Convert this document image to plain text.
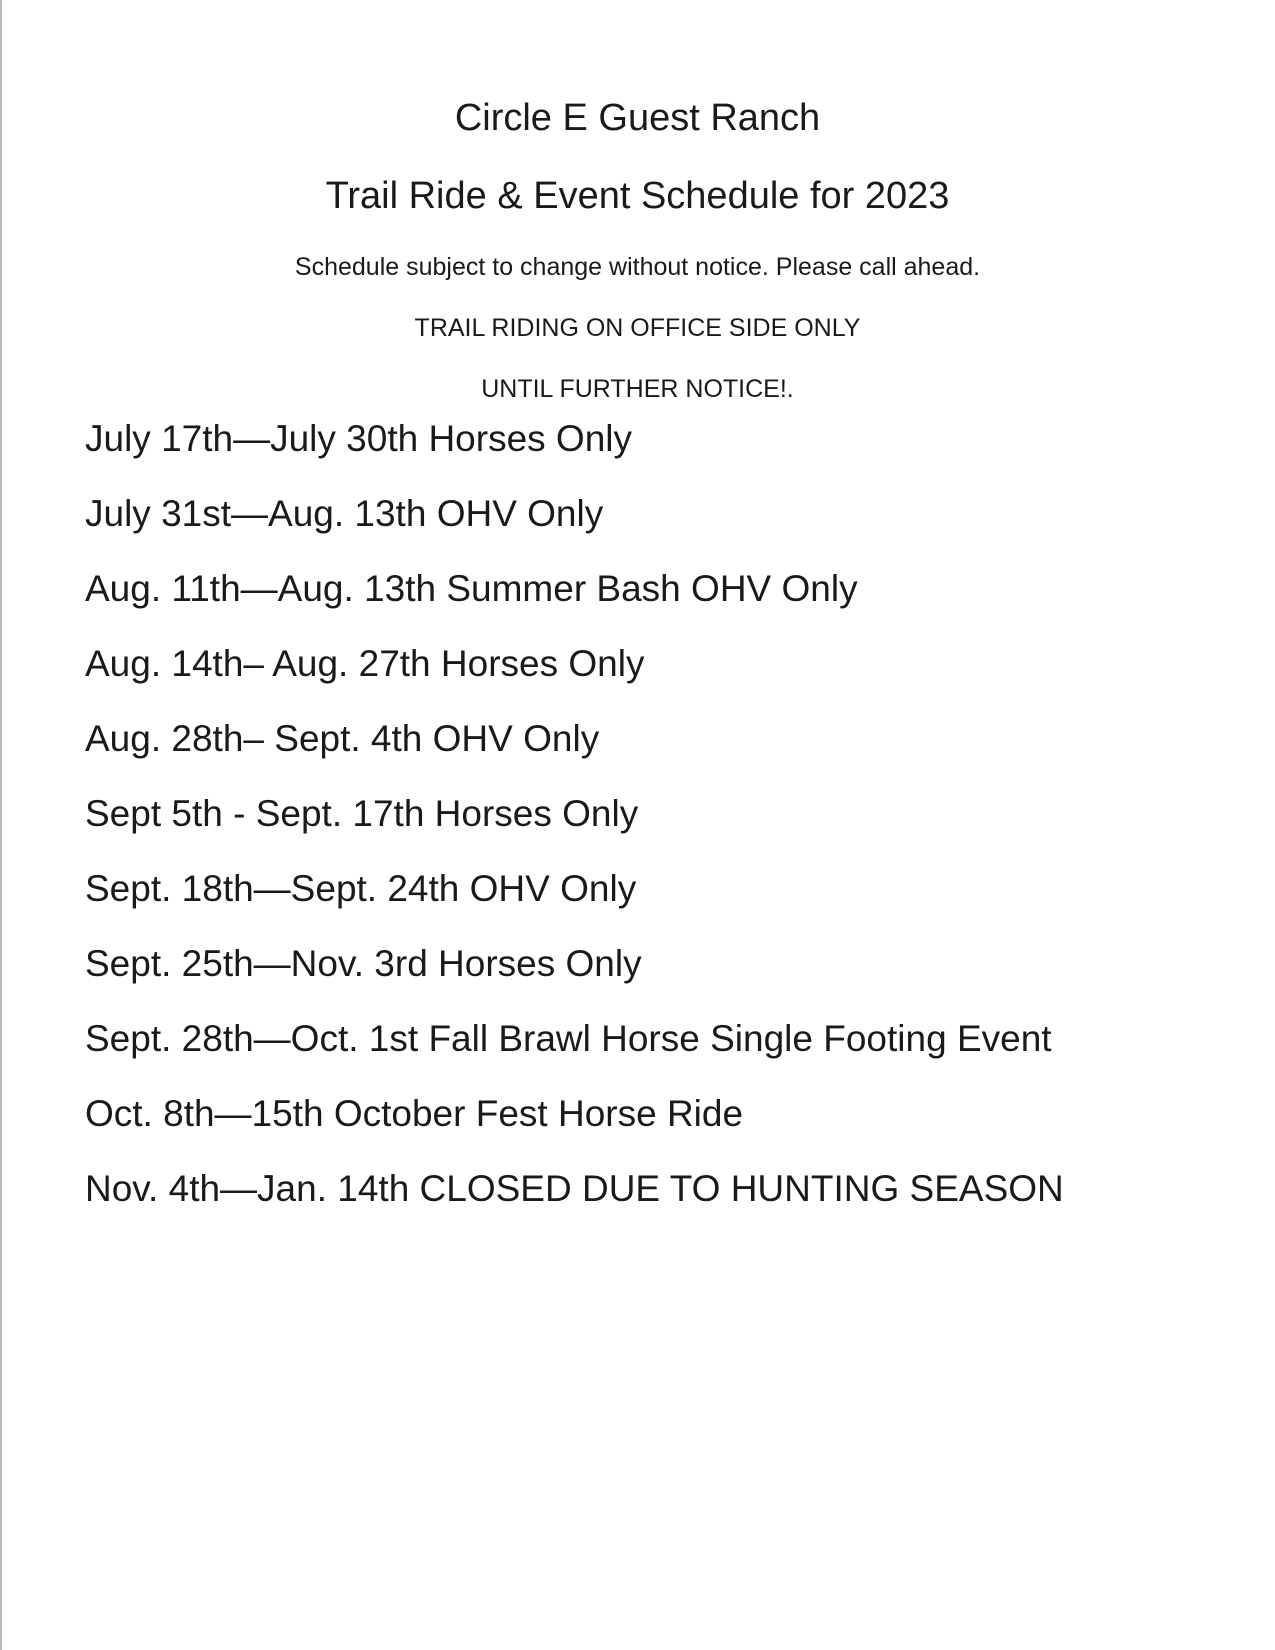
Circle E Guest Ranch
Trail Ride & Event Schedule for 2023
Schedule subject to change without notice. Please call ahead.
TRAIL RIDING ON OFFICE SIDE ONLY
UNTIL FURTHER NOTICE!.
July 17th—July 30th Horses Only
July 31st—Aug. 13th OHV Only
Aug. 11th—Aug. 13th Summer Bash OHV Only
Aug. 14th– Aug. 27th Horses Only
Aug. 28th– Sept. 4th OHV Only
Sept 5th - Sept. 17th Horses Only
Sept. 18th—Sept. 24th OHV Only
Sept. 25th—Nov. 3rd Horses Only
Sept. 28th—Oct. 1st Fall Brawl Horse Single Footing Event
Oct. 8th—15th October Fest Horse Ride
Nov. 4th—Jan. 14th CLOSED DUE TO HUNTING SEASON
